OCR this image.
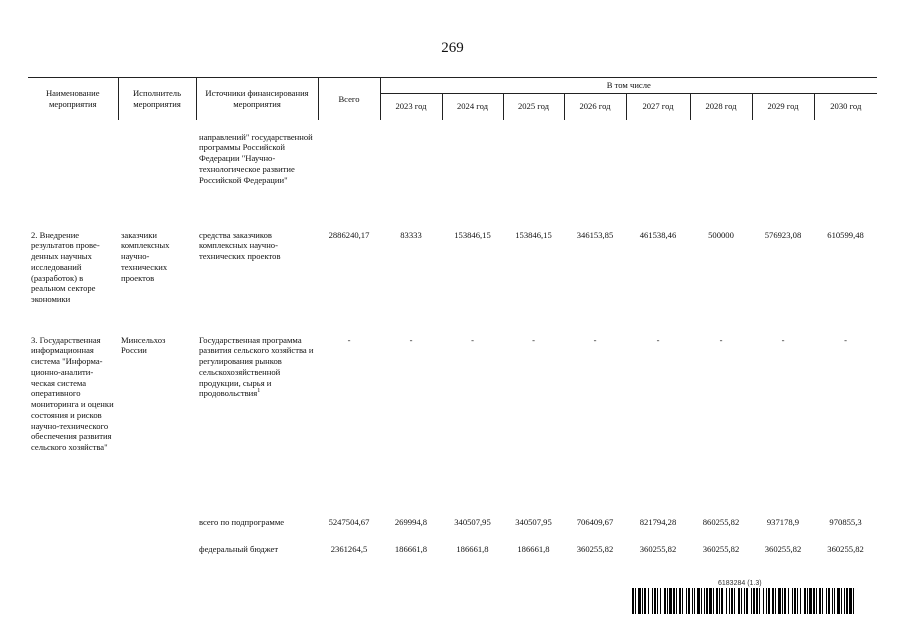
269
Наименование мероприятия	Исполнитель мероприятия	Источники финансирования мероприятия	Всего	В том числе							
				2023 год	2024 год	2025 год	2026 год	2027 год	2028 год	2029 год	2030 год

		направлений" государственной программы Российской Федерации "Научно-технологическое развитие Российской Федерации"									
2. Внедрение результатов прове-денных научных исследований (разработок) в реальном секторе экономики	заказчики комплексных научно-технических проектов	средства заказчиков комплексных научно-технических проектов	2886240,17	83333	153846,15	153846,15	346153,85	461538,46	500000	576923,08	610599,48
3. Государственная информационная система "Информа-ционно-аналити-ческая система оперативного мониторинга и оценки состояния и рисков научно-технического обеспечения развития сельского хозяйства"	Минсельхоз России	Государственная программа развития сельского хозяйства и регулирования рынков сельскохозяйственной продукции, сырья и продовольствия$^1$	-	-	-	-	-	-	-	-	-
		всего по подпрограмме	5247504,67	269994,8	340507,95	340507,95	706409,67	821794,28	860255,82	937178,9	970855,3
		федеральный бюджет	2361264,5	186661,8	186661,8	186661,8	360255,82	360255,82	360255,82	360255,82	360255,82
6183284 (1.3)
